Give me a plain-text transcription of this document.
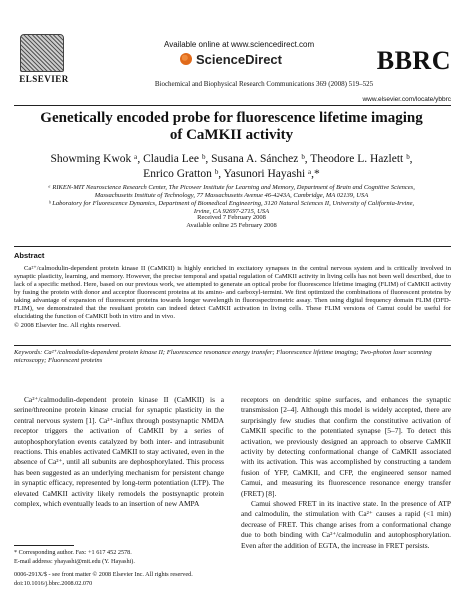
ELSEVIER
Available online at www.sciencedirect.com
ScienceDirect
Biochemical and Biophysical Research Communications 369 (2008) 519–525
BBRC
www.elsevier.com/locate/ybbrc
Genetically encoded probe for fluorescence lifetime imaging
of CaMKII activity
Showming Kwok ᵃ, Claudia Lee ᵇ, Susana A. Sánchez ᵇ, Theodore L. Hazlett ᵇ,
Enrico Gratton ᵇ, Yasunori Hayashi ᵃ,*
ᵃ RIKEN-MIT Neuroscience Research Center, The Picower Institute for Learning and Memory, Department of Brain and Cognitive Sciences,
Massachusetts Institute of Technology, 77 Massachusetts Avenue 46-4243A, Cambridge, MA 02139, USA
ᵇ Laboratory for Fluorescence Dynamics, Department of Biomedical Engineering, 3120 Natural Sciences II, University of California-Irvine,
Irvine, CA 92697-2715, USA
Received 7 February 2008
Available online 25 February 2008
Abstract
Ca²⁺/calmodulin-dependent protein kinase II (CaMKII) is highly enriched in excitatory synapses in the central nervous system and is critically involved in synaptic plasticity, learning, and memory. However, the precise temporal and spatial regulation of CaMKII activity in living cells has not been well described, due to lack of a specific method. Here, based on our previous work, we attempted to generate an optical probe for fluorescence lifetime imaging (FLIM) of CaMKII activity by fusing the protein with donor and acceptor fluorescent proteins at its amino- and carboxyl-termini. We first optimized the combinations of fluorescent proteins by taking advantage of expansion of fluorescent proteins towards longer wavelength in fluorospectrometric assay. Then using digital frequency domain FLIM (DFD-FLIM), we demonstrated that the resultant protein can indeed detect CaMKII activation in living cells. These FLIM versions of Camui could be useful for elucidating the function of CaMKII both in vitro and in vivo.
© 2008 Elsevier Inc. All rights reserved.
Keywords: Ca²⁺/calmodulin-dependent protein kinase II; Fluorescence resonance energy transfer; Fluorescence lifetime imaging; Two-photon laser scanning microscopy; Fluorescent proteins

Ca²⁺/calmodulin-dependent protein kinase II (CaMKII) is a serine/threonine protein kinase crucial for synaptic plasticity in the central nervous system [1]. Ca²⁺-influx through postsynaptic NMDA receptor triggers the activation of CaMKII by a series of autophosphorylation events catalyzed by both inter- and intrasubunit reactions. This enables activated CaMKII to stay activated, even in the absence of Ca²⁺, until all subunits are dephosphorylated. This process has been suggested as an underlying mechanism for persistent change in synaptic efficacy, represented by long-term potentiation (LTP). The elevated CaMKII activity likely remodels the postsynaptic protein complex, which eventually leads to an insertion of new AMPA

receptors on dendritic spine surfaces, and enhances the synaptic transmission [2–4]. Although this model is widely accepted, there are surprisingly few studies that confirm the constitutive activation of CaMKII specific to the potentiated synapse [5–7]. To detect this activation, we previously designed an approach to observe CaMKII activity by detecting conformational change of CaMKII associated with its activation. This was accomplished by constructing a tandem fusion of YFP, CaMKII, and CFP, the engineered sensor named Camui, and measuring its fluorescence resonance energy transfer (FRET) [8].

Camui showed FRET in its inactive state. In the presence of ATP and calmodulin, the stimulation with Ca²⁺ causes a rapid (<1 min) decrease of FRET. This change arises from a conformational change due to both binding with Ca²⁺/calmodulin and autophosphorylation. Even after the addition of EGTA, the increase in FRET persists.

* Corresponding author. Fax: +1 617 452 2578.
E-mail address: yhayashi@mit.edu (Y. Hayashi).
0006-291X/$ - see front matter © 2008 Elsevier Inc. All rights reserved.
doi:10.1016/j.bbrc.2008.02.070
